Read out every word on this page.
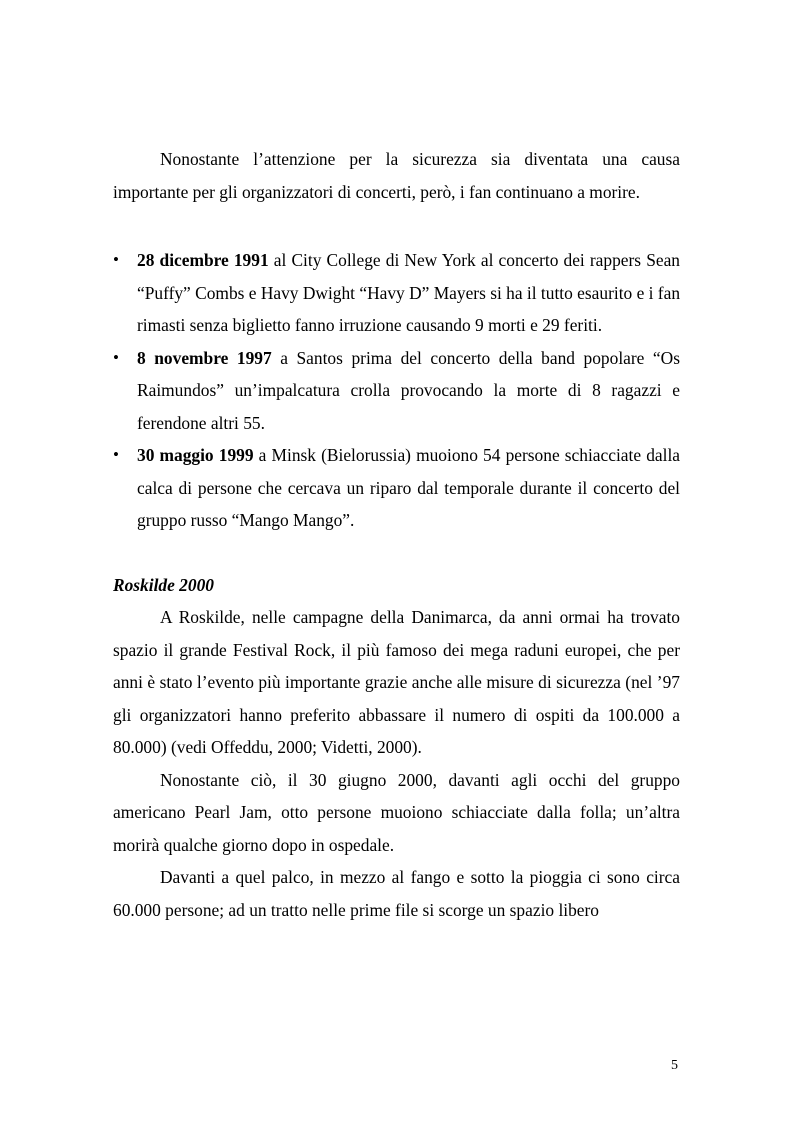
Nonostante l’attenzione per la sicurezza sia diventata una causa importante per gli organizzatori di concerti, però, i fan continuano a morire.

• 28 dicembre 1991 al City College di New York al concerto dei rappers Sean “Puffy” Combs e Havy Dwight “Havy D” Mayers si ha il tutto esaurito e i fan rimasti senza biglietto fanno irruzione causando 9 morti e 29 feriti.
• 8 novembre 1997 a Santos prima del concerto della band popolare “Os Raimundos” un’impalcatura crolla provocando la morte di 8 ragazzi e ferendone altri 55.
• 30 maggio 1999 a Minsk (Bielorussia) muoiono 54 persone schiacciate dalla calca di persone che cercava un riparo dal temporale durante il concerto del gruppo russo “Mango Mango”.

Roskilde 2000

A Roskilde, nelle campagne della Danimarca, da anni ormai ha trovato spazio il grande Festival Rock, il più famoso dei mega raduni europei, che per anni è stato l’evento più importante grazie anche alle misure di sicurezza (nel ’97 gli organizzatori hanno preferito abbassare il numero di ospiti da 100.000 a 80.000) (vedi Offeddu, 2000; Videtti, 2000).

Nonostante ciò, il 30 giugno 2000, davanti agli occhi del gruppo americano Pearl Jam, otto persone muoiono schiacciate dalla folla; un’altra morirà qualche giorno dopo in ospedale.

Davanti a quel palco, in mezzo al fango e sotto la pioggia ci sono circa 60.000 persone; ad un tratto nelle prime file si scorge un spazio libero

5
